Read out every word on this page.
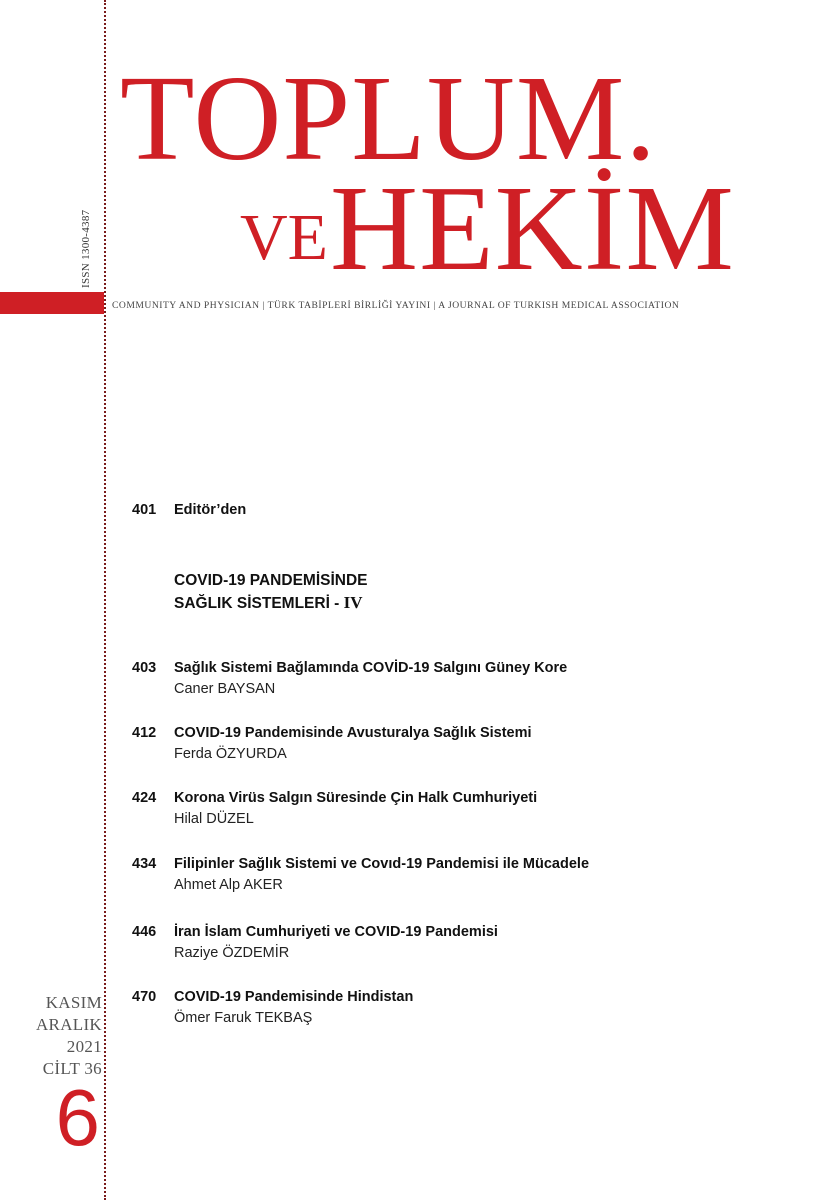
ISSN 1300-4387
TOPLUM.
VE HEKİM
COMMUNITY AND PHYSICIAN | TÜRK TABİPLERİ BİRLİĞİ YAYINI | A JOURNAL OF TURKISH MEDICAL ASSOCIATION
401 Editör’den
COVID-19 PANDEMİSİNDE
SAĞLIK SİSTEMLERİ - IV
403 Sağlık Sistemi Bağlamında COVİD-19 Salgını Güney Kore
Caner BAYSAN
412 COVID-19 Pandemisinde Avusturalya Sağlık Sistemi
Ferda ÖZYURDA
424 Korona Virüs Salgın Süresinde Çin Halk Cumhuriyeti
Hilal DÜZEL
434 Filipinler Sağlık Sistemi ve Covıd-19 Pandemisi ile Mücadele
Ahmet Alp AKER
446 İran İslam Cumhuriyeti ve COVID-19 Pandemisi
Raziye ÖZDEMİR
470 COVID-19 Pandemisinde Hindistan
Ömer Faruk TEKBAŞ
KASIM
ARALIK
2021
CİLT 36
6
